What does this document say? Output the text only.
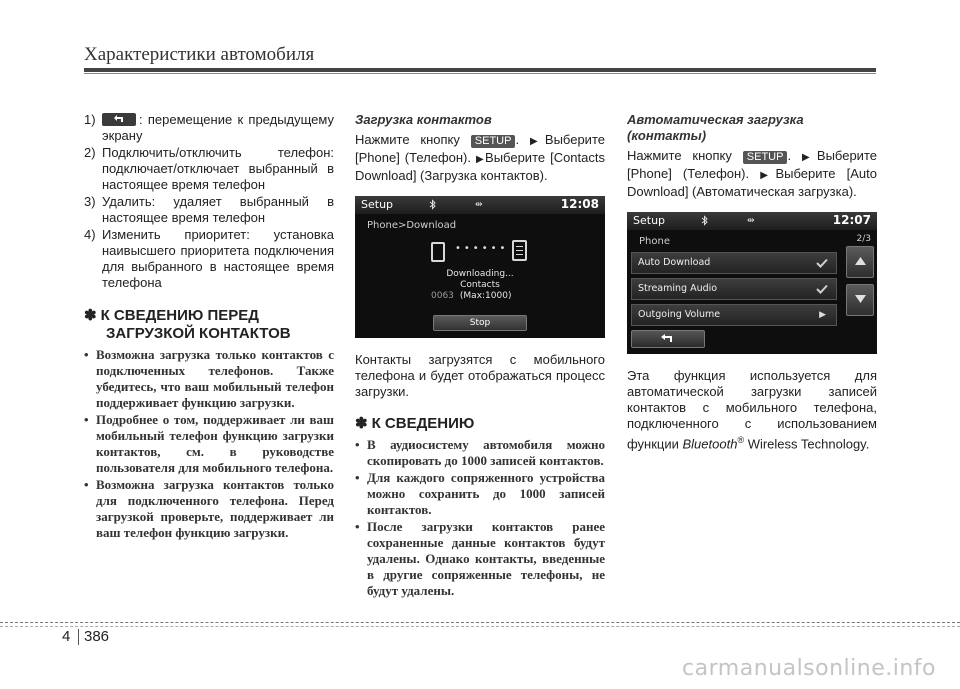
Характеристики автомобиля
1)	: перемещение к предыдущему экрану
2) Подключить/отключить телефон: подключает/отключает выбранный в настоящее время телефон
3) Удалить: удаляет выбранный в настоящее время телефон
4) Изменить приоритет: установка наивысшего приоритета подключения для выбранного в настоящее время телефона
✽ К СВЕДЕНИЮ ПЕРЕД
ЗАГРУЗКОЙ КОНТАКТОВ
• Возможна загрузка только контактов с подключенных телефонов. Также убедитесь, что ваш мобильный телефон поддерживает функцию загрузки.
• Подробнее о том, поддерживает ли ваш мобильный телефон функцию загрузки контактов, см. в руководстве пользователя для мобильного телефона.
• Возможна загрузка контактов только для подключенного телефона. Перед загрузкой проверьте, поддерживает ли ваш телефон функцию загрузки.
Загрузка контактов
Нажмите кнопку SETUP . ▶Выберите [Phone] (Телефон). ▶Выберите [Contacts Download] (Загрузка контактов).
Setup	⇹	12:08
Phone>Download
••••••
Downloading...
Contacts
0063 (Max:1000)
Stop
Контакты загрузятся с мобильного телефона и будет отображаться процесс загрузки.
✽ К СВЕДЕНИЮ
• В аудиосистему автомобиля можно скопировать до 1000 записей контактов.
• Для каждого сопряженного устройства можно сохранить до 1000 записей контактов.
• После загрузки контактов ранее сохраненные данные контактов будут удалены. Однако контакты, введенные в другие сопряженные телефоны, не будут удалены.
Автоматическая загрузка
(контакты)
Нажмите кнопку SETUP . ▶Выберите [Phone] (Телефон). ▶Выберите [Auto Download] (Автоматическая загрузка).
Setup	⇹	12:07
Phone	2/3
Auto Download
Streaming Audio
Outgoing Volume	▶
Эта функция используется для автоматической загрузки записей контактов с мобильного телефона, подключенного с использованием функции Bluetooth® Wireless Technology.
4 386
carmanualsonline.info
